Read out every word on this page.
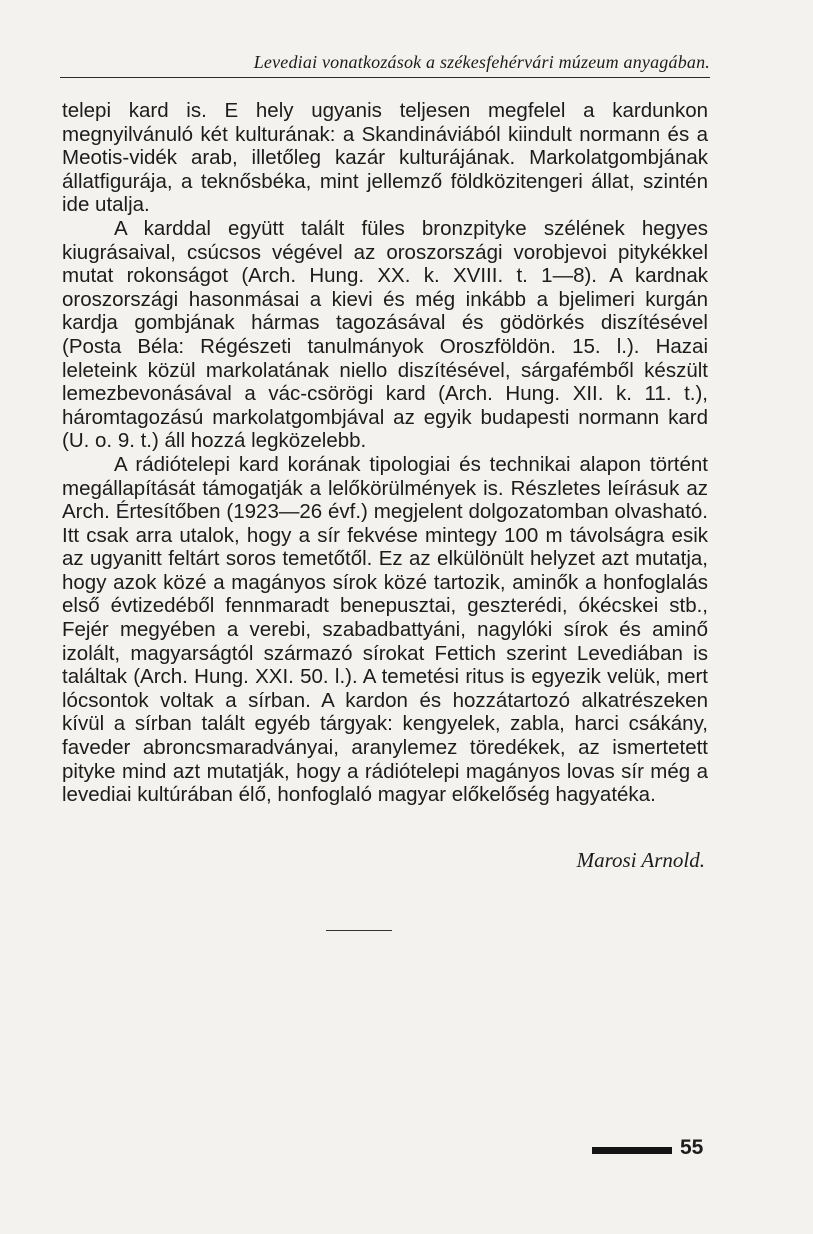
Levediai vonatkozások a székesfehérvári múzeum anyagában.

telepi kard is. E hely ugyanis teljesen megfelel a kardunkon megnyilvánuló két kulturának: a Skandináviából kiindult normann és a Meotis-vidék arab, illetőleg kazár kulturájának. Markolatgombjának állatfigurája, a teknősbéka, mint jellemző földközitengeri állat, szintén ide utalja.

A karddal együtt talált füles bronzpityke szélének hegyes kiugrásaival, csúcsos végével az oroszországi vorobjevoi pitykékkel mutat rokonságot (Arch. Hung. XX. k. XVIII. t. 1—8). A kardnak oroszországi hasonmásai a kievi és még inkább a bjelimeri kurgán kardja gombjának hármas tagozásával és gödörkés diszítésével (Posta Béla: Régészeti tanulmányok Oroszföldön. 15. l.). Hazai leleteink közül markolatának niello diszítésével, sárgafémből készült lemezbevonásával a vác-csörögi kard (Arch. Hung. XII. k. 11. t.), háromtagozású markolatgombjával az egyik budapesti normann kard (U. o. 9. t.) áll hozzá legközelebb.

A rádiótelepi kard korának tipologiai és technikai alapon történt megállapítását támogatják a lelőkörülmények is. Részletes leírásuk az Arch. Értesítőben (1923—26 évf.) megjelent dolgozatomban olvasható. Itt csak arra utalok, hogy a sír fekvése mintegy 100 m távolságra esik az ugyanitt feltárt soros temetőtől. Ez az elkülönült helyzet azt mutatja, hogy azok közé a magányos sírok közé tartozik, aminők a honfoglalás első évtizedéből fennmaradt benepusztai, geszterédi, ókécskei stb., Fejér megyében a verebi, szabadbattyáni, nagylóki sírok és aminő izolált, magyarságtól származó sírokat Fettich szerint Levediában is találtak (Arch. Hung. XXI. 50. l.). A temetési ritus is egyezik velük, mert lócsontok voltak a sírban. A kardon és hozzátartozó alkatrészeken kívül a sírban talált egyéb tárgyak: kengyelek, zabla, harci csákány, faveder abroncsmaradványai, aranylemez töredékek, az ismertetett pityke mind azt mutatják, hogy a rádiótelepi magányos lovas sír még a levediai kultúrában élő, honfoglaló magyar előkelőség hagyatéka.

Marosi Arnold.
55
